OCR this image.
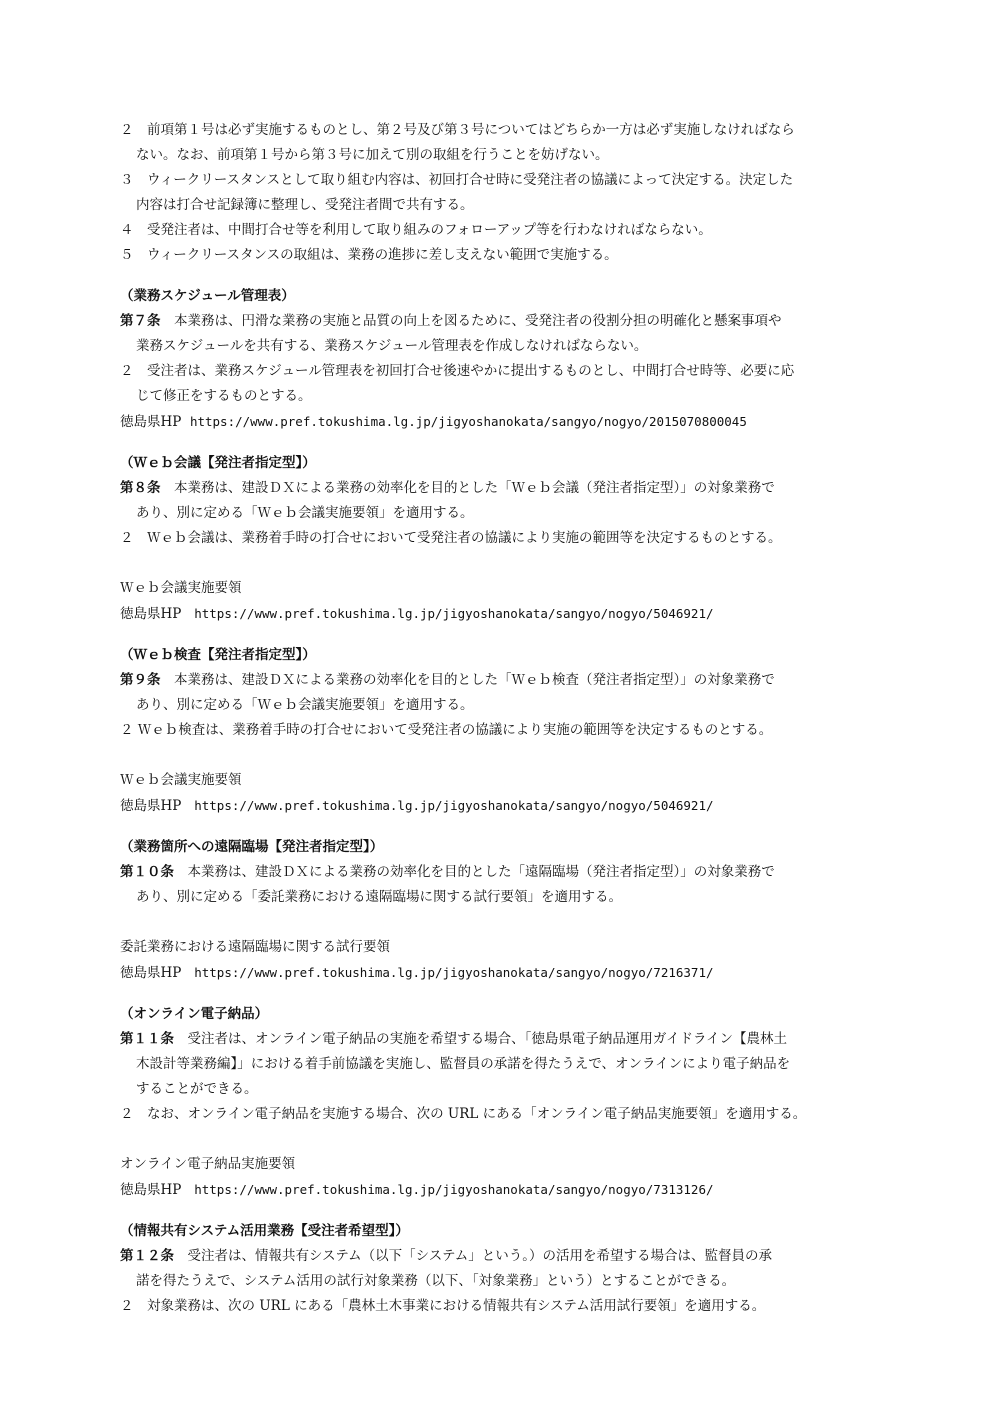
２　前項第１号は必ず実施するものとし、第２号及び第３号についてはどちらか一方は必ず実施しなければなら
ない。なお、前項第１号から第３号に加えて別の取組を行うことを妨げない。
３　ウィークリースタンスとして取り組む内容は、初回打合せ時に受発注者の協議によって決定する。決定した
内容は打合せ記録簿に整理し、受発注者間で共有する。
４　受発注者は、中間打合せ等を利用して取り組みのフォローアップ等を行わなければならない。
５　ウィークリースタンスの取組は、業務の進捗に差し支えない範囲で実施する。
（業務スケジュール管理表）
第７条　本業務は、円滑な業務の実施と品質の向上を図るために、受発注者の役割分担の明確化と懸案事項や
業務スケジュールを共有する、業務スケジュール管理表を作成しなければならない。
２　受注者は、業務スケジュール管理表を初回打合せ後速やかに提出するものとし、中間打合せ時等、必要に応
じて修正をするものとする。
徳島県HP https://www.pref.tokushima.lg.jp/jigyoshanokata/sangyo/nogyo/2015070800045
（Ｗｅｂ会議【発注者指定型】）
第８条　本業務は、建設ＤＸによる業務の効率化を目的とした「Ｗｅｂ会議（発注者指定型）」の対象業務で
あり、別に定める「Ｗｅｂ会議実施要領」を適用する。
２　Ｗｅｂ会議は、業務着手時の打合せにおいて受発注者の協議により実施の範囲等を決定するものとする。
Ｗｅｂ会議実施要領
徳島県HP https://www.pref.tokushima.lg.jp/jigyoshanokata/sangyo/nogyo/5046921/
（Ｗｅｂ検査【発注者指定型】）
第９条　本業務は、建設ＤＸによる業務の効率化を目的とした「Ｗｅｂ検査（発注者指定型）」の対象業務で
あり、別に定める「Ｗｅｂ会議実施要領」を適用する。
２ Ｗｅｂ検査は、業務着手時の打合せにおいて受発注者の協議により実施の範囲等を決定するものとする。
Ｗｅｂ会議実施要領
徳島県HP https://www.pref.tokushima.lg.jp/jigyoshanokata/sangyo/nogyo/5046921/
（業務箇所への遠隔臨場【発注者指定型】）
第１０条　本業務は、建設ＤＸによる業務の効率化を目的とした「遠隔臨場（発注者指定型）」の対象業務で
あり、別に定める「委託業務における遠隔臨場に関する試行要領」を適用する。
委託業務における遠隔臨場に関する試行要領
徳島県HP https://www.pref.tokushima.lg.jp/jigyoshanokata/sangyo/nogyo/7216371/
（オンライン電子納品）
第１１条　受注者は、オンライン電子納品の実施を希望する場合、「徳島県電子納品運用ガイドライン【農林土
木設計等業務編】」における着手前協議を実施し、監督員の承諾を得たうえで、オンラインにより電子納品を
することができる。
２　なお、オンライン電子納品を実施する場合、次の URL にある「オンライン電子納品実施要領」を適用する。
オンライン電子納品実施要領
徳島県HP https://www.pref.tokushima.lg.jp/jigyoshanokata/sangyo/nogyo/7313126/
（情報共有システム活用業務【受注者希望型】）
第１２条　受注者は、情報共有システム（以下「システム」という。）の活用を希望する場合は、監督員の承
諾を得たうえで、システム活用の試行対象業務（以下、「対象業務」という）とすることができる。
２　対象業務は、次の URL にある「農林土木事業における情報共有システム活用試行要領」を適用する。
